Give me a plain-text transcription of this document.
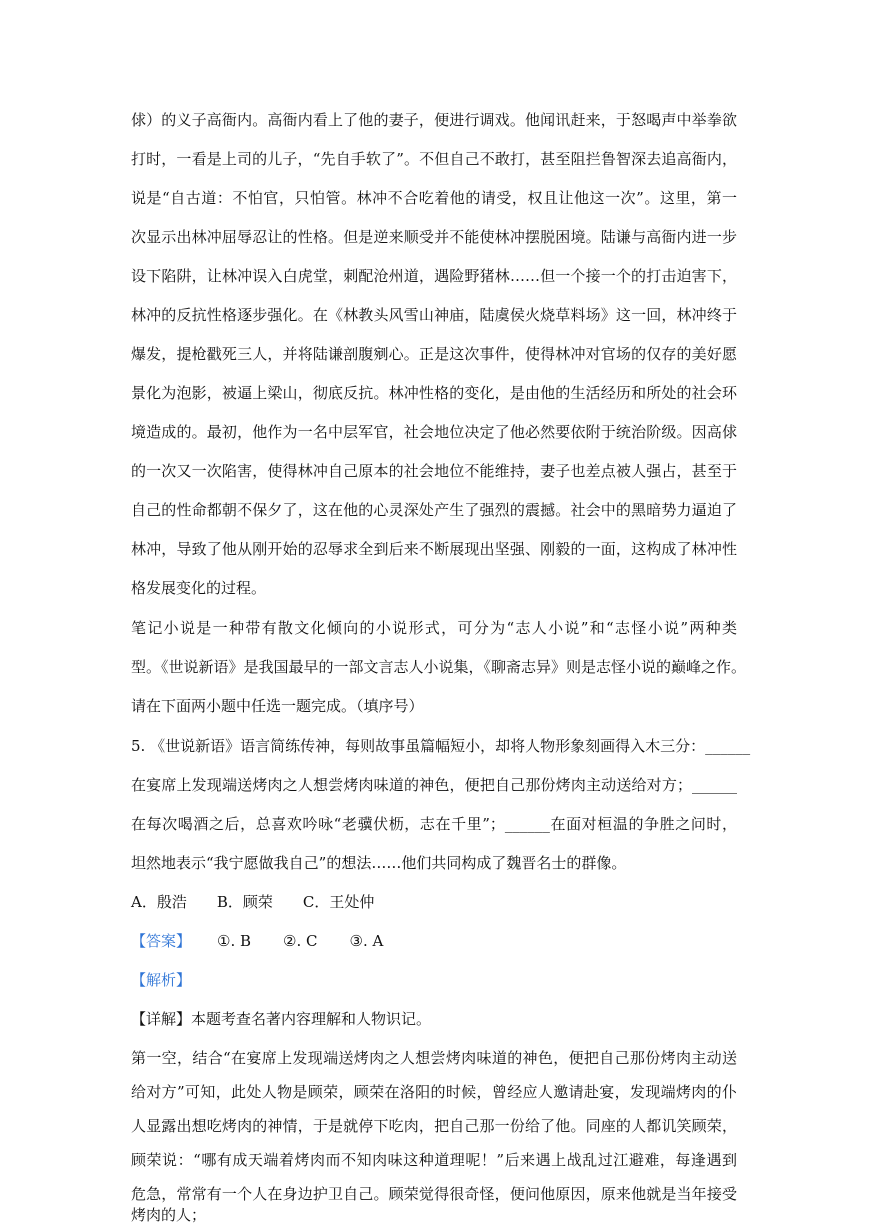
俅）的义子高衙内。高衙内看上了他的妻子，便进行调戏。他闻讯赶来，于怒喝声中举拳欲
打时，一看是上司的儿子，“先自手软了”。不但自己不敢打，甚至阻拦鲁智深去追高衙内，
说是“自古道：不怕官，只怕管。林冲不合吃着他的请受，权且让他这一次”。这里，第一
次显示出林冲屈辱忍让的性格。但是逆来顺受并不能使林冲摆脱困境。陆谦与高衙内进一步
设下陷阱，让林冲误入白虎堂，刺配沧州道，遇险野猪林……但一个接一个的打击迫害下，
林冲的反抗性格逐步强化。在《林教头风雪山神庙，陆虞侯火烧草料场》这一回，林冲终于
爆发，提枪戳死三人，并将陆谦剖腹剜心。正是这次事件，使得林冲对官场的仅存的美好愿
景化为泡影，被逼上梁山，彻底反抗。林冲性格的变化，是由他的生活经历和所处的社会环
境造成的。最初，他作为一名中层军官，社会地位决定了他必然要依附于统治阶级。因高俅
的一次又一次陷害，使得林冲自己原本的社会地位不能维持，妻子也差点被人强占，甚至于
自己的性命都朝不保夕了，这在他的心灵深处产生了强烈的震撼。社会中的黑暗势力逼迫了
林冲，导致了他从刚开始的忍辱求全到后来不断展现出坚强、刚毅的一面，这构成了林冲性
格发展变化的过程。
笔记小说是一种带有散文化倾向的小说形式，可分为“志人小说”和“志怪小说”两种类
型。《世说新语》是我国最早的一部文言志人小说集，《聊斋志异》则是志怪小说的巅峰之作。
请在下面两小题中任选一题完成。（填序号）
5. 《世说新语》语言简练传神，每则故事虽篇幅短小，却将人物形象刻画得入木三分：______
在宴席上发现端送烤肉之人想尝烤肉味道的神色，便把自己那份烤肉主动送给对方；______
在每次喝酒之后，总喜欢吟咏“老骥伏枥，志在千里”；______在面对桓温的争胜之问时，
坦然地表示“我宁愿做我自己”的想法……他们共同构成了魏晋名士的群像。
A．殷浩　　B．顾荣　　C．王处仲
【答案】 ①. B ②. C ③. A
【解析】
【详解】本题考查名著内容理解和人物识记。
第一空，结合“在宴席上发现端送烤肉之人想尝烤肉味道的神色，便把自己那份烤肉主动送
给对方”可知，此处人物是顾荣，顾荣在洛阳的时候，曾经应人邀请赴宴，发现端烤肉的仆
人显露出想吃烤肉的神情，于是就停下吃肉，把自己那一份给了他。同座的人都讥笑顾荣，
顾荣说：“哪有成天端着烤肉而不知肉味这种道理呢！”后来遇上战乱过江避难，每逢遇到
危急，常常有一个人在身边护卫自己。顾荣觉得很奇怪，便问他原因，原来他就是当年接受
烤肉的人；
